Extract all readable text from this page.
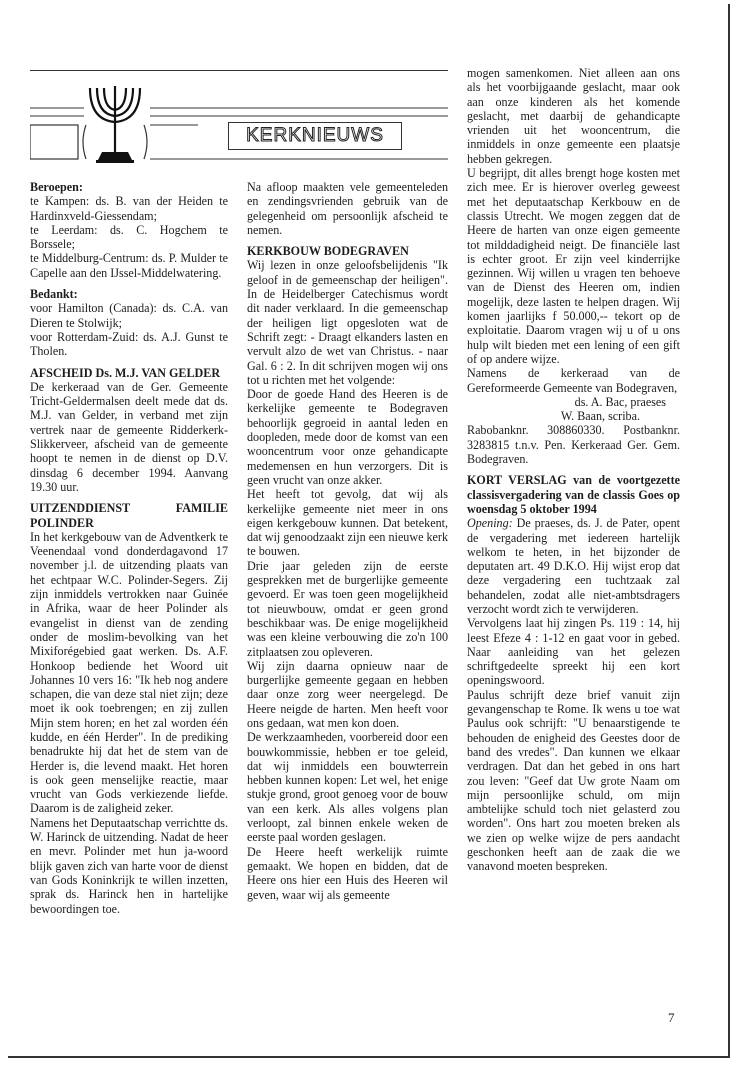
KERKNIEUWS

Beroepen:

te Kampen: ds. B. van der Heiden te Hardinxveld-Giessendam;

te Leerdam: ds. C. Hogchem te Borssele;

te Middelburg-Centrum: ds. P. Mulder te Capelle aan den IJssel-Middelwatering.

Bedankt:

voor Hamilton (Canada): ds. C.A. van Dieren te Stolwijk;

voor Rotterdam-Zuid: ds. A.J. Gunst te Tholen.

AFSCHEID Ds. M.J. VAN GELDER

De kerkeraad van de Ger. Gemeente Tricht-Geldermalsen deelt mede dat ds. M.J. van Gelder, in verband met zijn vertrek naar de gemeente Ridderkerk-Slikkerveer, afscheid van de gemeente hoopt te nemen in de dienst op D.V. dinsdag 6 december 1994. Aanvang 19.30 uur.

UITZENDDIENST FAMILIE POLINDER

In het kerkgebouw van de Adventkerk te Veenendaal vond donderdagavond 17 november j.l. de uitzending plaats van het echtpaar W.C. Polinder-Segers. Zij zijn inmiddels vertrokken naar Guinée in Afrika, waar de heer Polinder als evangelist in dienst van de zending onder de moslim-bevolking van het Mixiforégebied gaat werken. Ds. A.F. Honkoop bediende het Woord uit Johannes 10 vers 16: "Ik heb nog andere schapen, die van deze stal niet zijn; deze moet ik ook toebrengen; en zij zullen Mijn stem horen; en het zal worden één kudde, en één Herder". In de prediking benadrukte hij dat het de stem van de Herder is, die levend maakt. Het horen is ook geen menselijke reactie, maar vrucht van Gods verkiezende liefde. Daarom is de zaligheid zeker.

Namens het Deputaatschap verrichtte ds. W. Harinck de uitzending. Nadat de heer en mevr. Polinder met hun ja-woord blijk gaven zich van harte voor de dienst van Gods Koninkrijk te willen inzetten, sprak ds. Harinck hen in hartelijke bewoordingen toe.

Na afloop maakten vele gemeenteleden en zendingsvrienden gebruik van de gelegenheid om persoonlijk afscheid te nemen.

KERKBOUW BODEGRAVEN

Wij lezen in onze geloofsbelijdenis "Ik geloof in de gemeenschap der heiligen". In de Heidelberger Catechismus wordt dit nader verklaard. In die gemeenschap der heiligen ligt opgesloten wat de Schrift zegt: - Draagt elkanders lasten en vervult alzo de wet van Christus. - naar Gal. 6 : 2. In dit schrijven mogen wij ons tot u richten met het volgende:

Door de goede Hand des Heeren is de kerkelijke gemeente te Bodegraven behoorlijk gegroeid in aantal leden en doopleden, mede door de komst van een wooncentrum voor onze gehandicapte medemensen en hun verzorgers. Dit is geen vrucht van onze akker.

Het heeft tot gevolg, dat wij als kerkelijke gemeente niet meer in ons eigen kerkgebouw kunnen. Dat betekent, dat wij genoodzaakt zijn een nieuwe kerk te bouwen.

Drie jaar geleden zijn de eerste gesprekken met de burgerlijke gemeente gevoerd. Er was toen geen mogelijkheid tot nieuwbouw, omdat er geen grond beschikbaar was. De enige mogelijkheid was een kleine verbouwing die zo'n 100 zitplaatsen zou opleveren.

Wij zijn daarna opnieuw naar de burgerlijke gemeente gegaan en hebben daar onze zorg weer neergelegd. De Heere neigde de harten. Men heeft voor ons gedaan, wat men kon doen.

De werkzaamheden, voorbereid door een bouwkommissie, hebben er toe geleid, dat wij inmiddels een bouwterrein hebben kunnen kopen: Let wel, het enige stukje grond, groot genoeg voor de bouw van een kerk. Als alles volgens plan verloopt, zal binnen enkele weken de eerste paal worden geslagen.

De Heere heeft werkelijk ruimte gemaakt. We hopen en bidden, dat de Heere ons hier een Huis des Heeren wil geven, waar wij als gemeente

mogen samenkomen. Niet alleen aan ons als het voorbijgaande geslacht, maar ook aan onze kinderen als het komende geslacht, met daarbij de gehandicapte vrienden uit het wooncentrum, die inmiddels in onze gemeente een plaatsje hebben gekregen.

U begrijpt, dit alles brengt hoge kosten met zich mee. Er is hierover overleg geweest met het deputaatschap Kerkbouw en de classis Utrecht. We mogen zeggen dat de Heere de harten van onze eigen gemeente tot milddadigheid neigt. De financiële last is echter groot. Er zijn veel kinderrijke gezinnen. Wij willen u vragen ten behoeve van de Dienst des Heeren om, indien mogelijk, deze lasten te helpen dragen. Wij komen jaarlijks f 50.000,-- tekort op de exploitatie. Daarom vragen wij u of u ons hulp wilt bieden met een lening of een gift of op andere wijze.

Namens de kerkeraad van de Gereformeerde Gemeente van Bodegraven,

ds. A. Bac, praeses

W. Baan, scriba.

Rabobanknr. 308860330. Postbanknr. 3283815 t.n.v. Pen. Kerkeraad Ger. Gem. Bodegraven.

KORT VERSLAG van de voortgezette classisvergadering van de classis Goes op woensdag 5 oktober 1994

Opening: De praeses, ds. J. de Pater, opent de vergadering met iedereen hartelijk welkom te heten, in het bijzonder de deputaten art. 49 D.K.O. Hij wijst erop dat deze vergadering een tuchtzaak zal behandelen, zodat alle niet-ambtsdragers verzocht wordt zich te verwijderen.

Vervolgens laat hij zingen Ps. 119 : 14, hij leest Efeze 4 : 1-12 en gaat voor in gebed. Naar aanleiding van het gelezen schriftgedeelte spreekt hij een kort openingswoord.

Paulus schrijft deze brief vanuit zijn gevangenschap te Rome. Ik wens u toe wat Paulus ook schrijft: "U benaarstigende te behouden de enigheid des Geestes door de band des vredes". Dan kunnen we elkaar verdragen. Dat dan het gebed in ons hart zou leven: "Geef dat Uw grote Naam om mijn persoonlijke schuld, om mijn ambtelijke schuld toch niet gelasterd zou worden". Ons hart zou moeten breken als we zien op welke wijze de pers aandacht geschonken heeft aan de zaak die we vanavond moeten bespreken.

7
